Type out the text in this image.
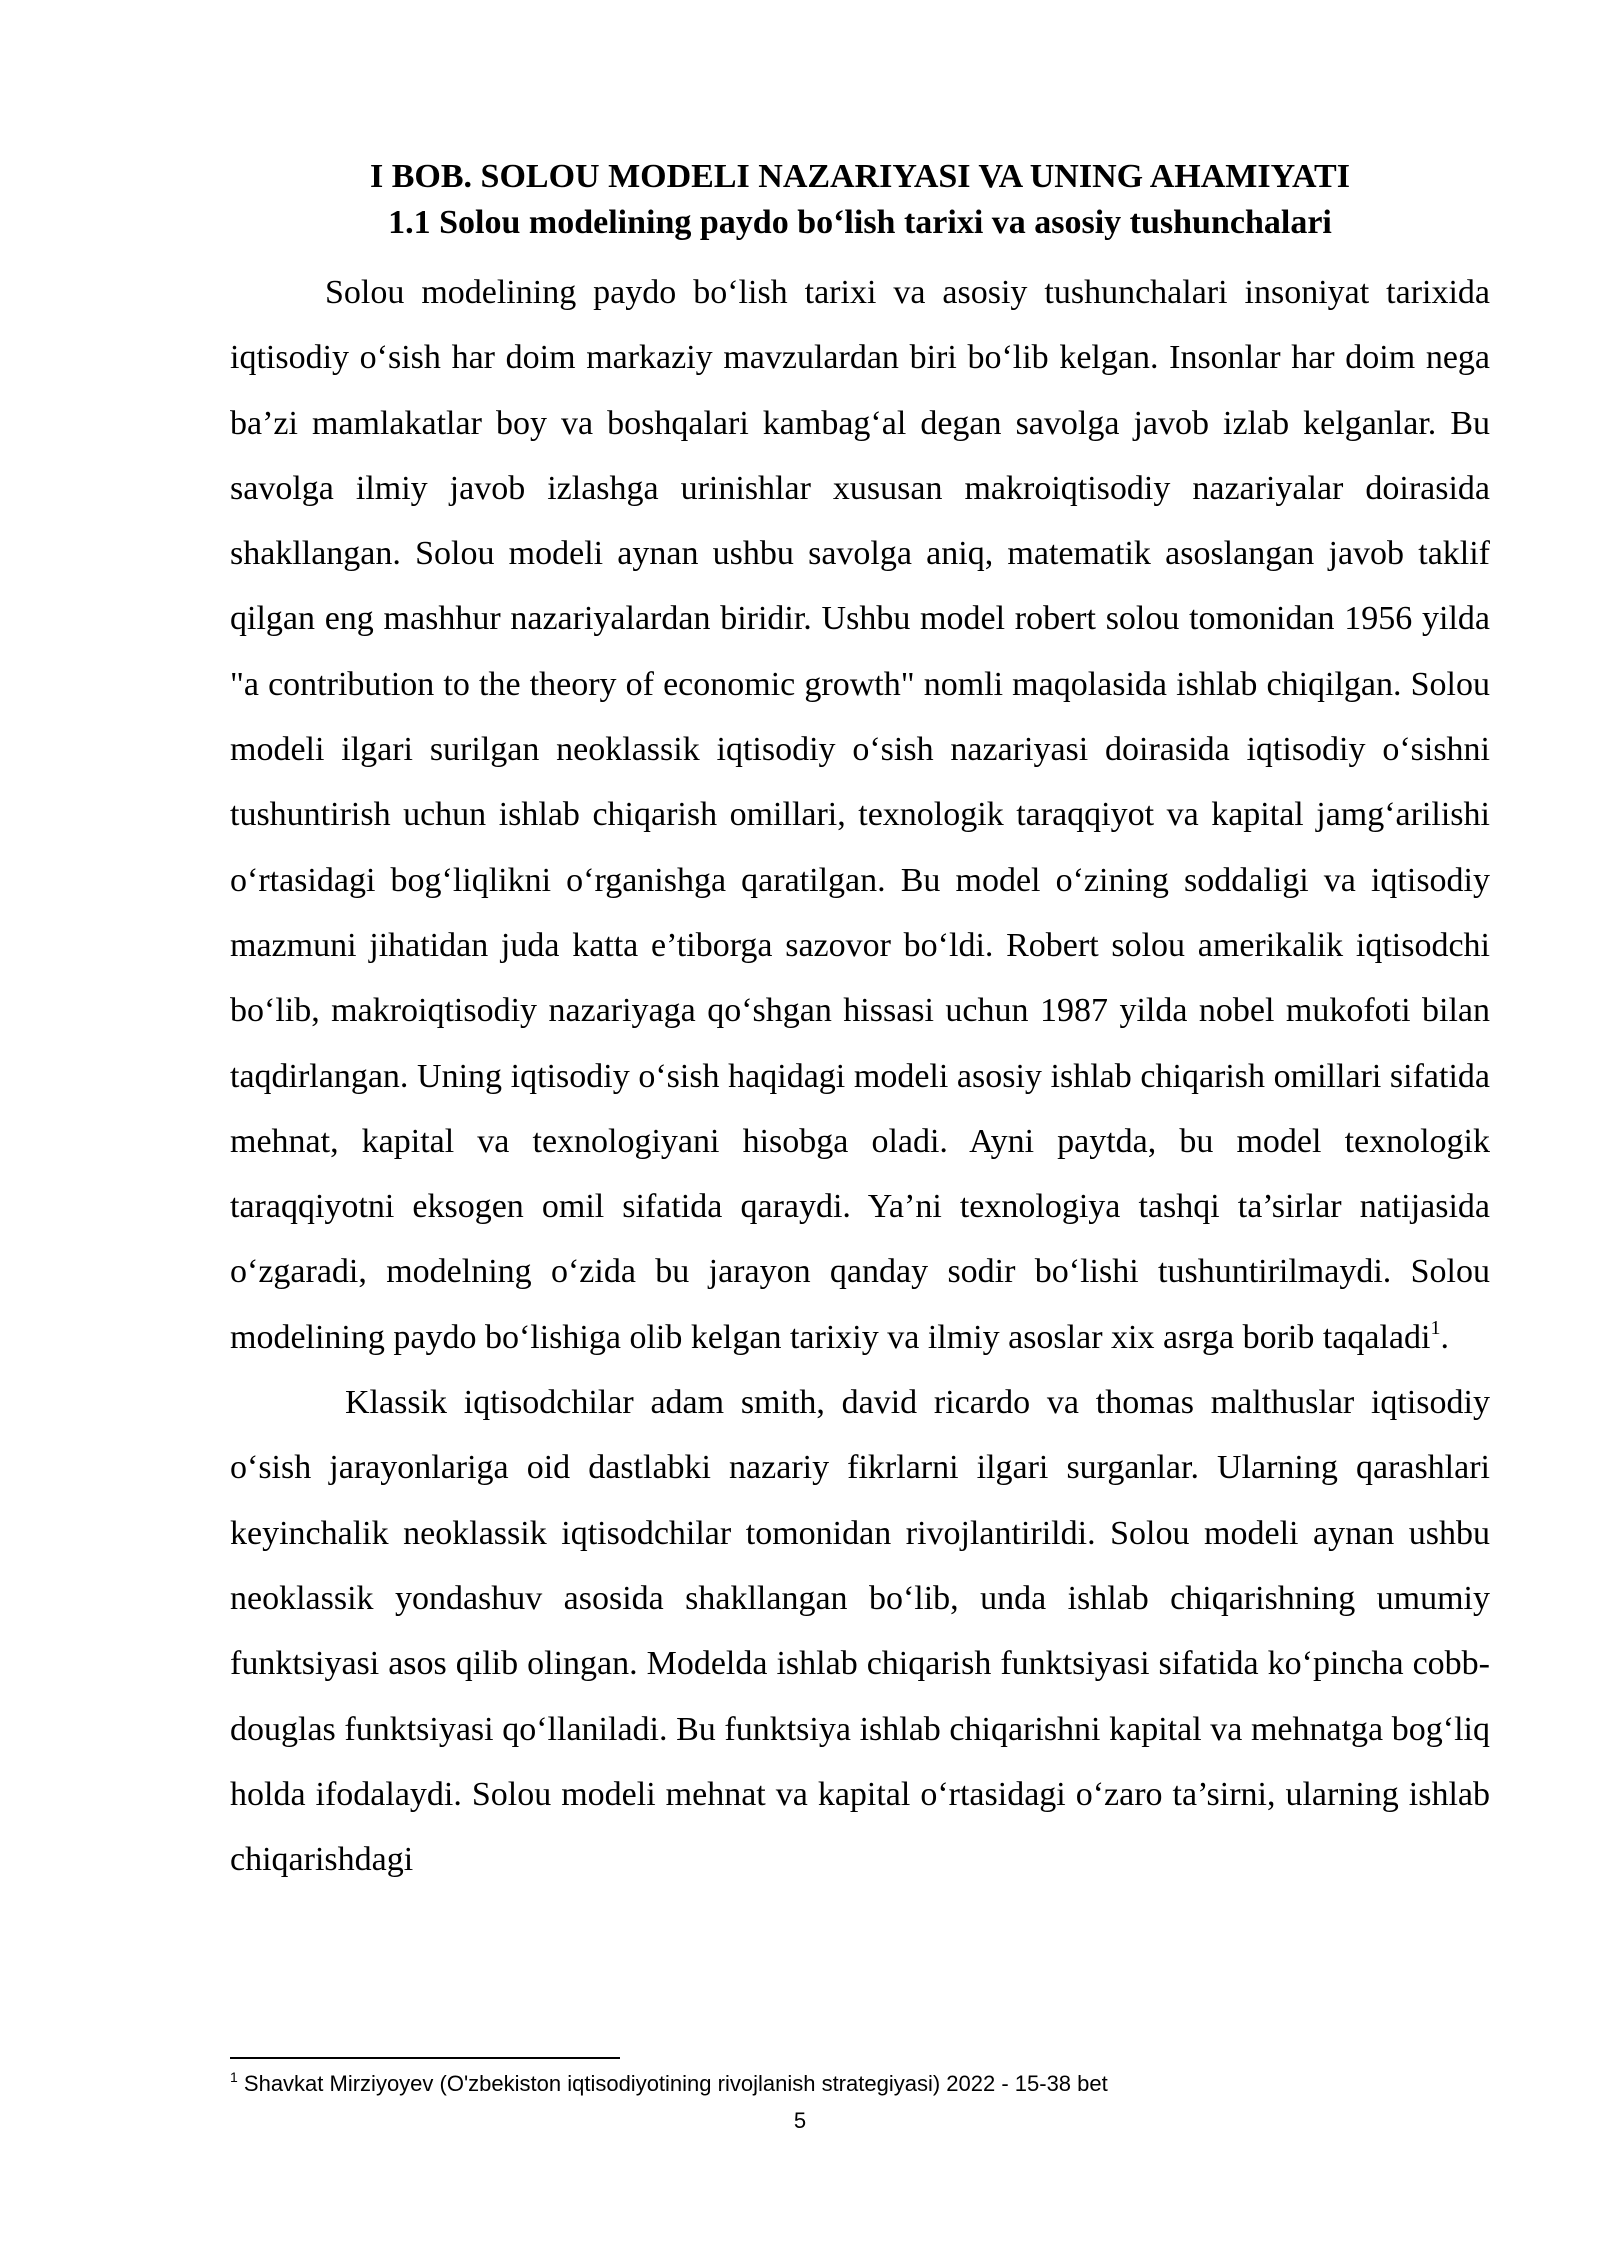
I BOB. SOLOU MODELI NAZARIYASI VA UNING AHAMIYATI
1.1 Solou modelining paydo bo‘lish tarixi va asosiy tushunchalari

Solou modelining paydo bo‘lish tarixi va asosiy tushunchalari insoniyat tarixida iqtisodiy o‘sish har doim markaziy mavzulardan biri bo‘lib kelgan. Insonlar har doim nega ba’zi mamlakatlar boy va boshqalari kambag‘al degan savolga javob izlab kelganlar. Bu savolga ilmiy javob izlashga urinishlar xususan makroiqtisodiy nazariyalar doirasida shakllangan. Solou modeli aynan ushbu savolga aniq, matematik asoslangan javob taklif qilgan eng mashhur nazariyalardan biridir. Ushbu model robert solou tomonidan 1956 yilda "a contribution to the theory of economic growth" nomli maqolasida ishlab chiqilgan. Solou modeli ilgari surilgan neoklassik iqtisodiy o‘sish nazariyasi doirasida iqtisodiy o‘sishni tushuntirish uchun ishlab chiqarish omillari, texnologik taraqqiyot va kapital jamg‘arilishi o‘rtasidagi bog‘liqlikni o‘rganishga qaratilgan. Bu model o‘zining soddaligi va iqtisodiy mazmuni jihatidan juda katta e’tiborga sazovor bo‘ldi. Robert solou amerikalik iqtisodchi bo‘lib, makroiqtisodiy nazariyaga qo‘shgan hissasi uchun 1987 yilda nobel mukofoti bilan taqdirlangan. Uning iqtisodiy o‘sish haqidagi modeli asosiy ishlab chiqarish omillari sifatida mehnat, kapital va texnologiyani hisobga oladi. Ayni paytda, bu model texnologik taraqqiyotni eksogen omil sifatida qaraydi. Ya’ni texnologiya tashqi ta’sirlar natijasida o‘zgaradi, modelning o‘zida bu jarayon qanday sodir bo‘lishi tushuntirilmaydi. Solou modelining paydo bo‘lishiga olib kelgan tarixiy va ilmiy asoslar xix asrga borib taqaladi$^1$.

Klassik iqtisodchilar adam smith, david ricardo va thomas malthuslar iqtisodiy o‘sish jarayonlariga oid dastlabki nazariy fikrlarni ilgari surganlar. Ularning qarashlari keyinchalik neoklassik iqtisodchilar tomonidan rivojlantirildi. Solou modeli aynan ushbu neoklassik yondashuv asosida shakllangan bo‘lib, unda ishlab chiqarishning umumiy funktsiyasi asos qilib olingan. Modelda ishlab chiqarish funktsiyasi sifatida ko‘pincha cobb-douglas funktsiyasi qo‘llaniladi. Bu funktsiya ishlab chiqarishni kapital va mehnatga bog‘liq holda ifodalaydi. Solou modeli mehnat va kapital o‘rtasidagi o‘zaro ta’sirni, ularning ishlab chiqarishdagi

$^1$ Shavkat Mirziyoyev (O'zbekiston iqtisodiyotining rivojlanish strategiyasi) 2022 - 15-38 bet
5
